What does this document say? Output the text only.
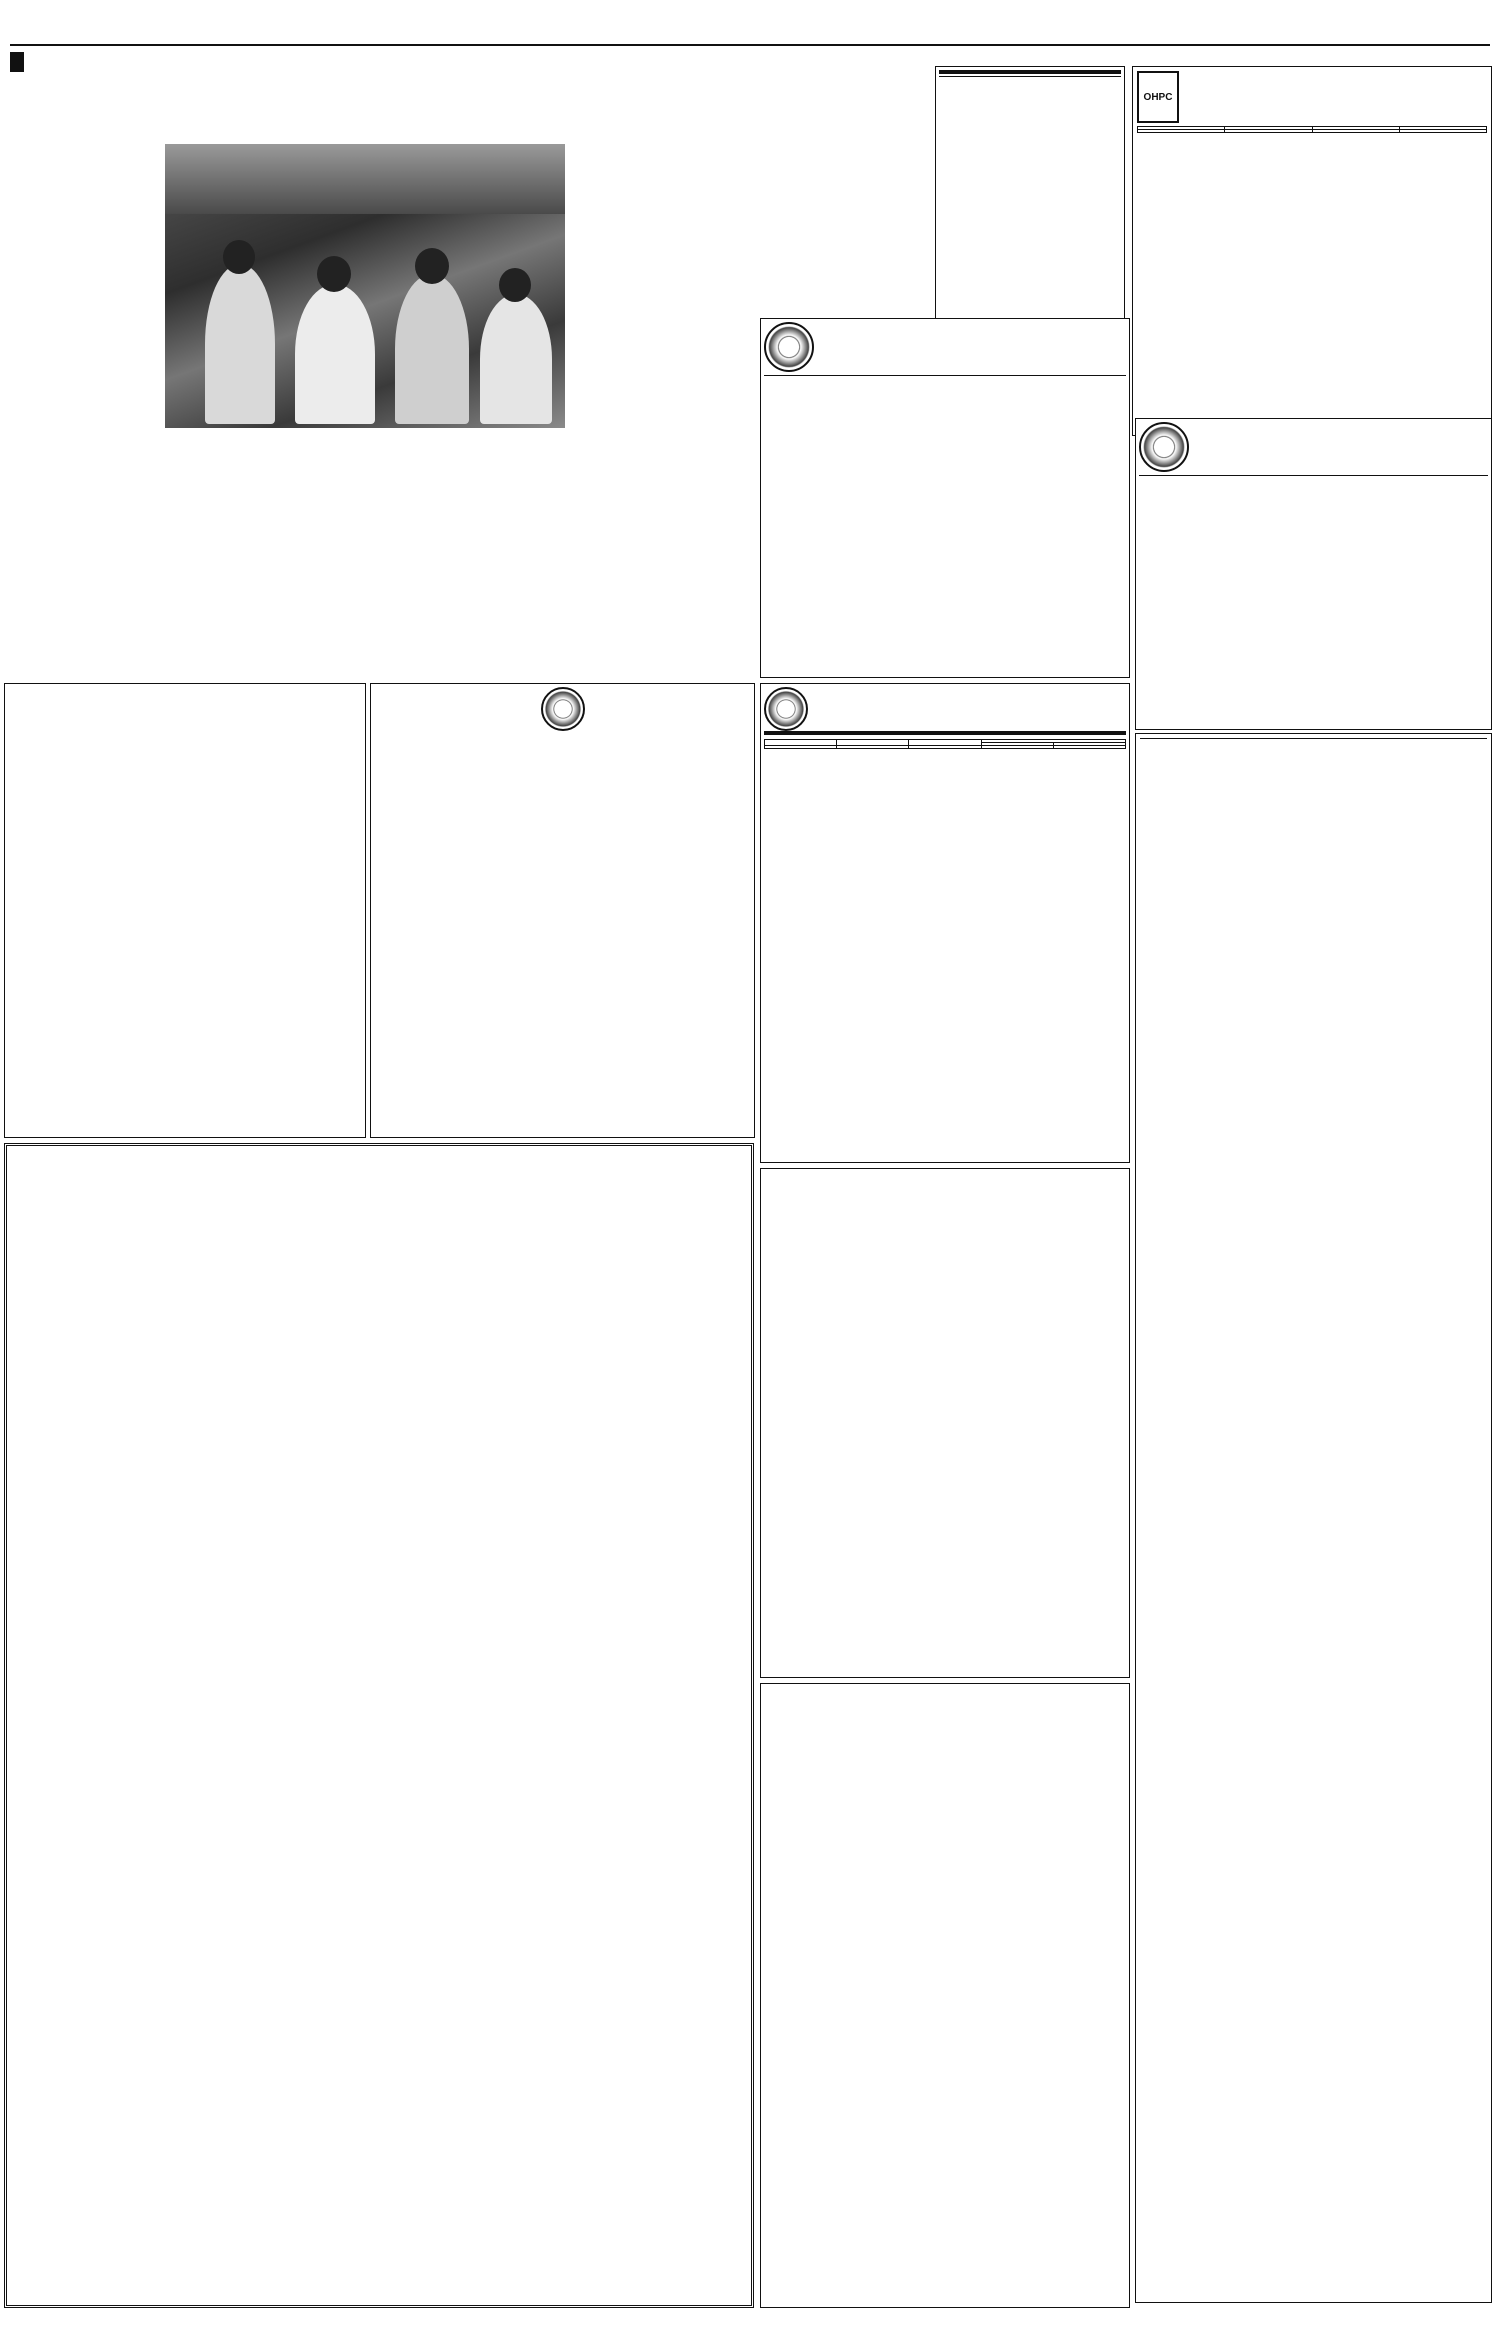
OHPC
